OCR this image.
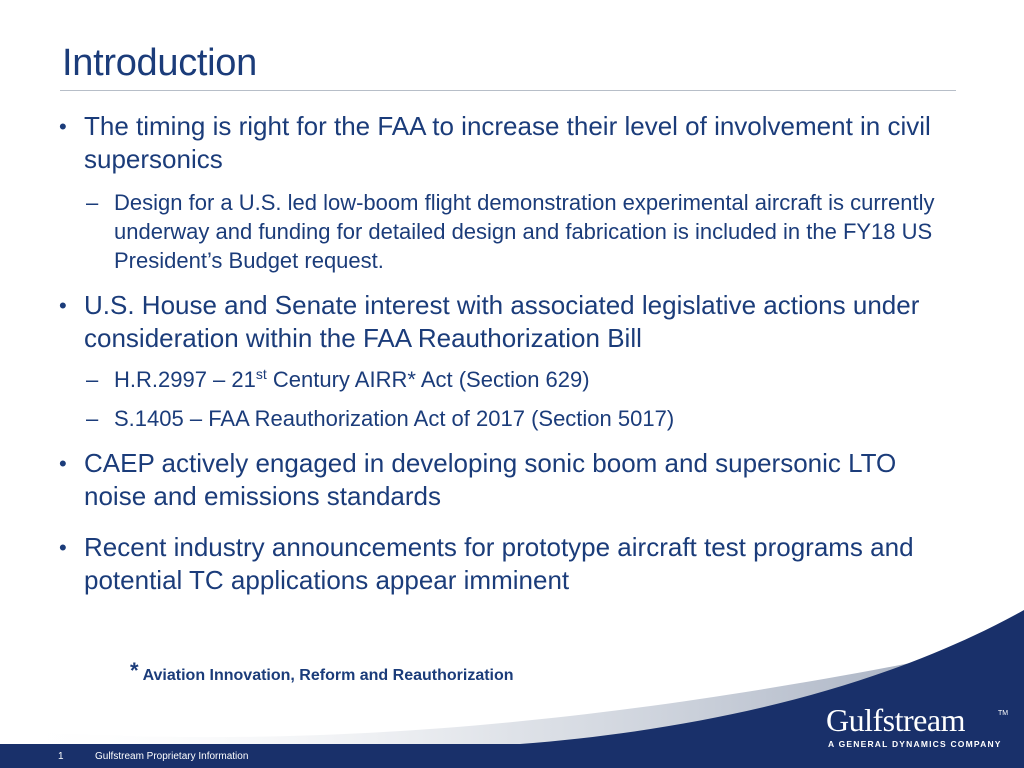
Introduction
• The timing is right for the FAA to increase their level of involvement in civil supersonics
– Design for a U.S. led low-boom flight demonstration experimental aircraft is currently underway and funding for detailed design and fabrication is included in the FY18 US President’s Budget request.
• U.S. House and Senate interest with associated legislative actions under consideration within the FAA Reauthorization Bill
– H.R.2997 – 21st Century AIRR* Act (Section 629)
– S.1405 – FAA Reauthorization Act of 2017 (Section 5017)
• CAEP actively engaged in developing sonic boom and supersonic LTO noise and emissions standards
• Recent industry announcements for prototype aircraft test programs and potential TC applications appear imminent
* Aviation Innovation, Reform and Reauthorization
1	Gulfstream Proprietary Information
Gulfstream	TM
A GENERAL DYNAMICS COMPANY
